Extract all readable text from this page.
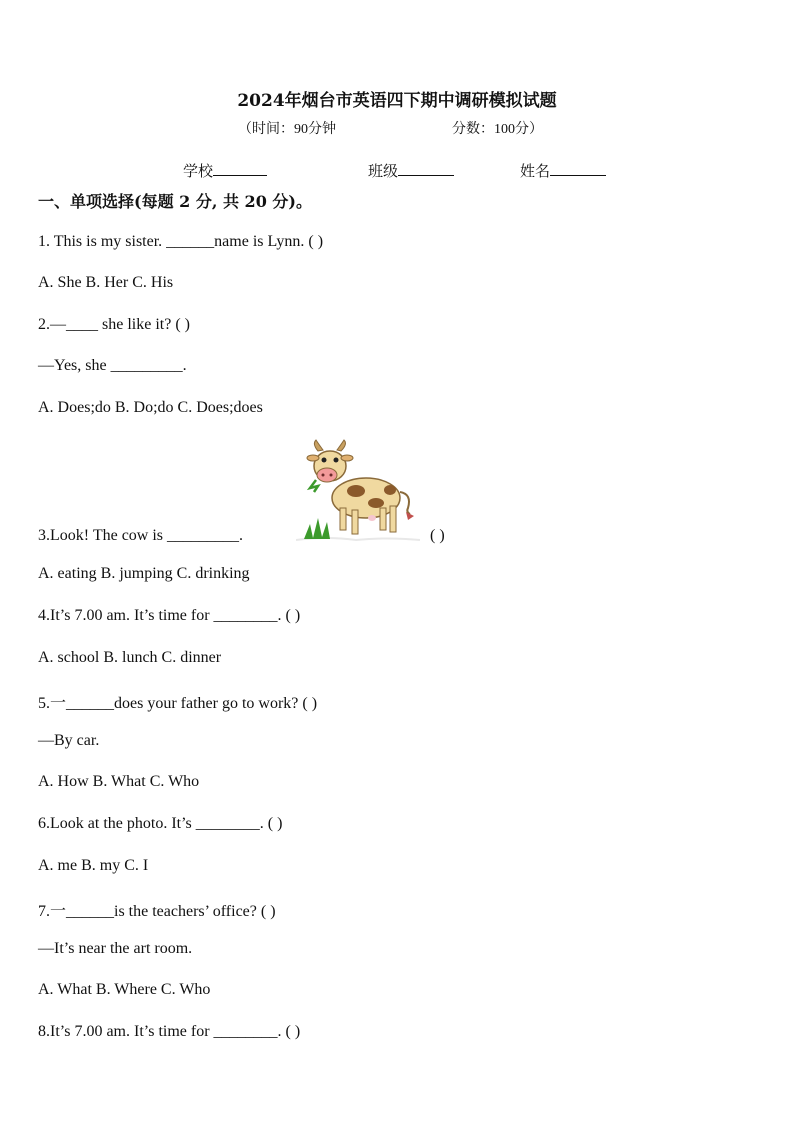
2024年烟台市英语四下期中调研模拟试题
（时间：90分钟	分数：100分）
学校	班级	姓名
一、单项选择(每题 2 分, 共 20 分)。
1. This is my sister. ______name is Lynn. ( )
A. She B. Her C. His
2.—____ she like it? ( )
—Yes, she _________.
A. Does;do B. Do;do C. Does;does
3.Look! The cow is _________.	( )
A. eating B. jumping C. drinking
4.It’s 7.00 am. It’s time for ________. ( )
A. school B. lunch C. dinner
5.一______does your father go to work? ( )
—By car.
A. How B. What C. Who
6.Look at the photo. It’s ________. ( )
A. me B. my C. I
7.一______is the teachers’ office? ( )
—It’s near the art room.
A. What B. Where C. Who
8.It’s 7.00 am. It’s time for ________. ( )
